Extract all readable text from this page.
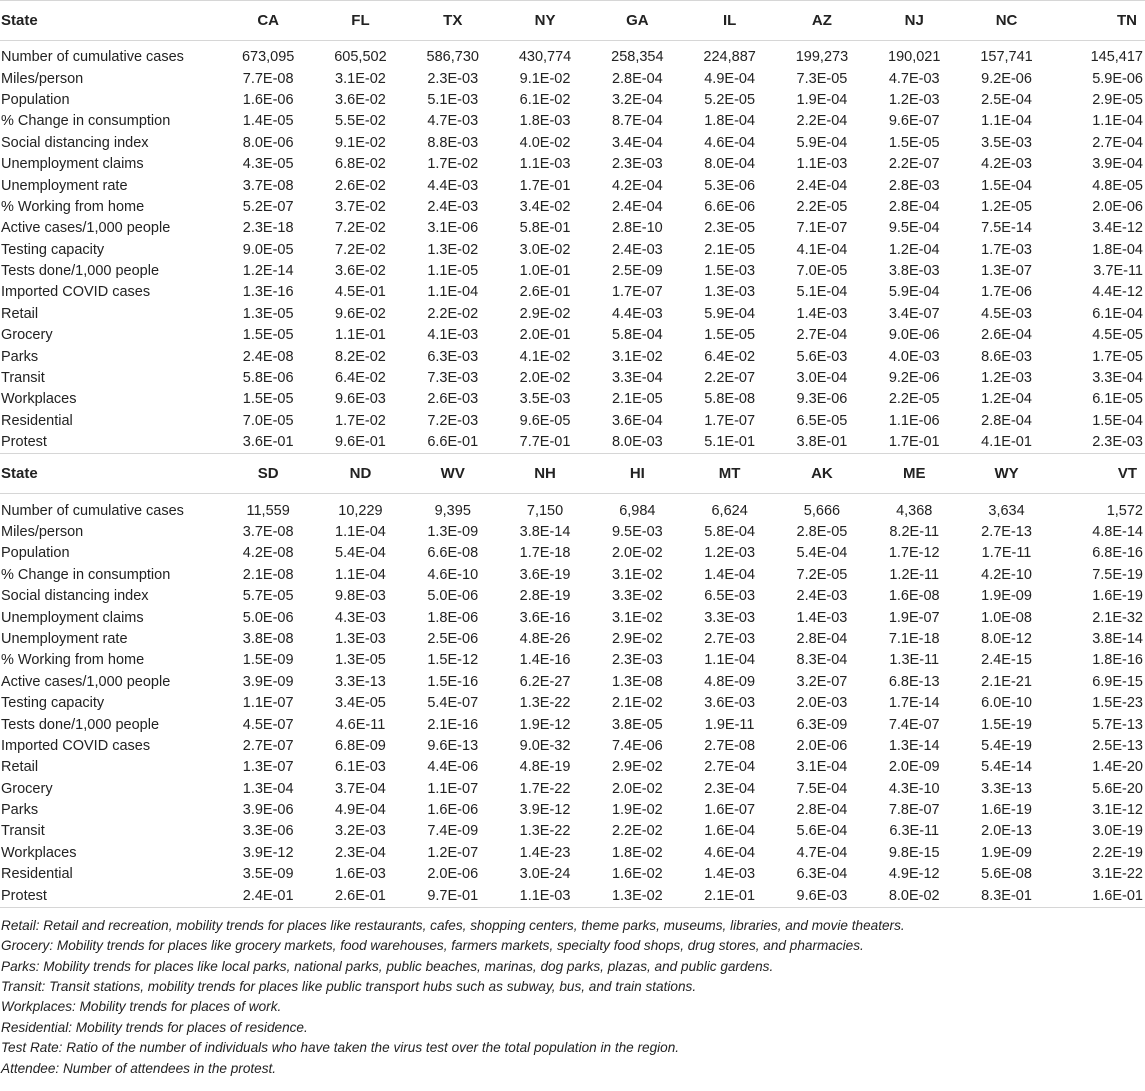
State	CA	FL	TX	NY	GA	IL	AZ	NJ	NC	TN
Number of cumulative cases	673,095	605,502	586,730	430,774	258,354	224,887	199,273	190,021	157,741	145,417
Miles/person	7.7E-08	3.1E-02	2.3E-03	9.1E-02	2.8E-04	4.9E-04	7.3E-05	4.7E-03	9.2E-06	5.9E-06
Population	1.6E-06	3.6E-02	5.1E-03	6.1E-02	3.2E-04	5.2E-05	1.9E-04	1.2E-03	2.5E-04	2.9E-05
% Change in consumption	1.4E-05	5.5E-02	4.7E-03	1.8E-03	8.7E-04	1.8E-04	2.2E-04	9.6E-07	1.1E-04	1.1E-04
Social distancing index	8.0E-06	9.1E-02	8.8E-03	4.0E-02	3.4E-04	4.6E-04	5.9E-04	1.5E-05	3.5E-03	2.7E-04
Unemployment claims	4.3E-05	6.8E-02	1.7E-02	1.1E-03	2.3E-03	8.0E-04	1.1E-03	2.2E-07	4.2E-03	3.9E-04
Unemployment rate	3.7E-08	2.6E-02	4.4E-03	1.7E-01	4.2E-04	5.3E-06	2.4E-04	2.8E-03	1.5E-04	4.8E-05
% Working from home	5.2E-07	3.7E-02	2.4E-03	3.4E-02	2.4E-04	6.6E-06	2.2E-05	2.8E-04	1.2E-05	2.0E-06
Active cases/1,000 people	2.3E-18	7.2E-02	3.1E-06	5.8E-01	2.8E-10	2.3E-05	7.1E-07	9.5E-04	7.5E-14	3.4E-12
Testing capacity	9.0E-05	7.2E-02	1.3E-02	3.0E-02	2.4E-03	2.1E-05	4.1E-04	1.2E-04	1.7E-03	1.8E-04
Tests done/1,000 people	1.2E-14	3.6E-02	1.1E-05	1.0E-01	2.5E-09	1.5E-03	7.0E-05	3.8E-03	1.3E-07	3.7E-11
Imported COVID cases	1.3E-16	4.5E-01	1.1E-04	2.6E-01	1.7E-07	1.3E-03	5.1E-04	5.9E-04	1.7E-06	4.4E-12
Retail	1.3E-05	9.6E-02	2.2E-02	2.9E-02	4.4E-03	5.9E-04	1.4E-03	3.4E-07	4.5E-03	6.1E-04
Grocery	1.5E-05	1.1E-01	4.1E-03	2.0E-01	5.8E-04	1.5E-05	2.7E-04	9.0E-06	2.6E-04	4.5E-05
Parks	2.4E-08	8.2E-02	6.3E-03	4.1E-02	3.1E-02	6.4E-02	5.6E-03	4.0E-03	8.6E-03	1.7E-05
Transit	5.8E-06	6.4E-02	7.3E-03	2.0E-02	3.3E-04	2.2E-07	3.0E-04	9.2E-06	1.2E-03	3.3E-04
Workplaces	1.5E-05	9.6E-03	2.6E-03	3.5E-03	2.1E-05	5.8E-08	9.3E-06	2.2E-05	1.2E-04	6.1E-05
Residential	7.0E-05	1.7E-02	7.2E-03	9.6E-05	3.6E-04	1.7E-07	6.5E-05	1.1E-06	2.8E-04	1.5E-04
Protest	3.6E-01	9.6E-01	6.6E-01	7.7E-01	8.0E-03	5.1E-01	3.8E-01	1.7E-01	4.1E-01	2.3E-03
State	SD	ND	WV	NH	HI	MT	AK	ME	WY	VT
Number of cumulative cases	11,559	10,229	9,395	7,150	6,984	6,624	5,666	4,368	3,634	1,572
Miles/person	3.7E-08	1.1E-04	1.3E-09	3.8E-14	9.5E-03	5.8E-04	2.8E-05	8.2E-11	2.7E-13	4.8E-14
Population	4.2E-08	5.4E-04	6.6E-08	1.7E-18	2.0E-02	1.2E-03	5.4E-04	1.7E-12	1.7E-11	6.8E-16
% Change in consumption	2.1E-08	1.1E-04	4.6E-10	3.6E-19	3.1E-02	1.4E-04	7.2E-05	1.2E-11	4.2E-10	7.5E-19
Social distancing index	5.7E-05	9.8E-03	5.0E-06	2.8E-19	3.3E-02	6.5E-03	2.4E-03	1.6E-08	1.9E-09	1.6E-19
Unemployment claims	5.0E-06	4.3E-03	1.8E-06	3.6E-16	3.1E-02	3.3E-03	1.4E-03	1.9E-07	1.0E-08	2.1E-32
Unemployment rate	3.8E-08	1.3E-03	2.5E-06	4.8E-26	2.9E-02	2.7E-03	2.8E-04	7.1E-18	8.0E-12	3.8E-14
% Working from home	1.5E-09	1.3E-05	1.5E-12	1.4E-16	2.3E-03	1.1E-04	8.3E-04	1.3E-11	2.4E-15	1.8E-16
Active cases/1,000 people	3.9E-09	3.3E-13	1.5E-16	6.2E-27	1.3E-08	4.8E-09	3.2E-07	6.8E-13	2.1E-21	6.9E-15
Testing capacity	1.1E-07	3.4E-05	5.4E-07	1.3E-22	2.1E-02	3.6E-03	2.0E-03	1.7E-14	6.0E-10	1.5E-23
Tests done/1,000 people	4.5E-07	4.6E-11	2.1E-16	1.9E-12	3.8E-05	1.9E-11	6.3E-09	7.4E-07	1.5E-19	5.7E-13
Imported COVID cases	2.7E-07	6.8E-09	9.6E-13	9.0E-32	7.4E-06	2.7E-08	2.0E-06	1.3E-14	5.4E-19	2.5E-13
Retail	1.3E-07	6.1E-03	4.4E-06	4.8E-19	2.9E-02	2.7E-04	3.1E-04	2.0E-09	5.4E-14	1.4E-20
Grocery	1.3E-04	3.7E-04	1.1E-07	1.7E-22	2.0E-02	2.3E-04	7.5E-04	4.3E-10	3.3E-13	5.6E-20
Parks	3.9E-06	4.9E-04	1.6E-06	3.9E-12	1.9E-02	1.6E-07	2.8E-04	7.8E-07	1.6E-19	3.1E-12
Transit	3.3E-06	3.2E-03	7.4E-09	1.3E-22	2.2E-02	1.6E-04	5.6E-04	6.3E-11	2.0E-13	3.0E-19
Workplaces	3.9E-12	2.3E-04	1.2E-07	1.4E-23	1.8E-02	4.6E-04	4.7E-04	9.8E-15	1.9E-09	2.2E-19
Residential	3.5E-09	1.6E-03	2.0E-06	3.0E-24	1.6E-02	1.4E-03	6.3E-04	4.9E-12	5.6E-08	3.1E-22
Protest	2.4E-01	2.6E-01	9.7E-01	1.1E-03	1.3E-02	2.1E-01	9.6E-03	8.0E-02	8.3E-01	1.6E-01

Retail: Retail and recreation, mobility trends for places like restaurants, cafes, shopping centers, theme parks, museums, libraries, and movie theaters.

Grocery: Mobility trends for places like grocery markets, food warehouses, farmers markets, specialty food shops, drug stores, and pharmacies.

Parks: Mobility trends for places like local parks, national parks, public beaches, marinas, dog parks, plazas, and public gardens.

Transit: Transit stations, mobility trends for places like public transport hubs such as subway, bus, and train stations.

Workplaces: Mobility trends for places of work.

Residential: Mobility trends for places of residence.

Test Rate: Ratio of the number of individuals who have taken the virus test over the total population in the region.

Attendee: Number of attendees in the protest.
